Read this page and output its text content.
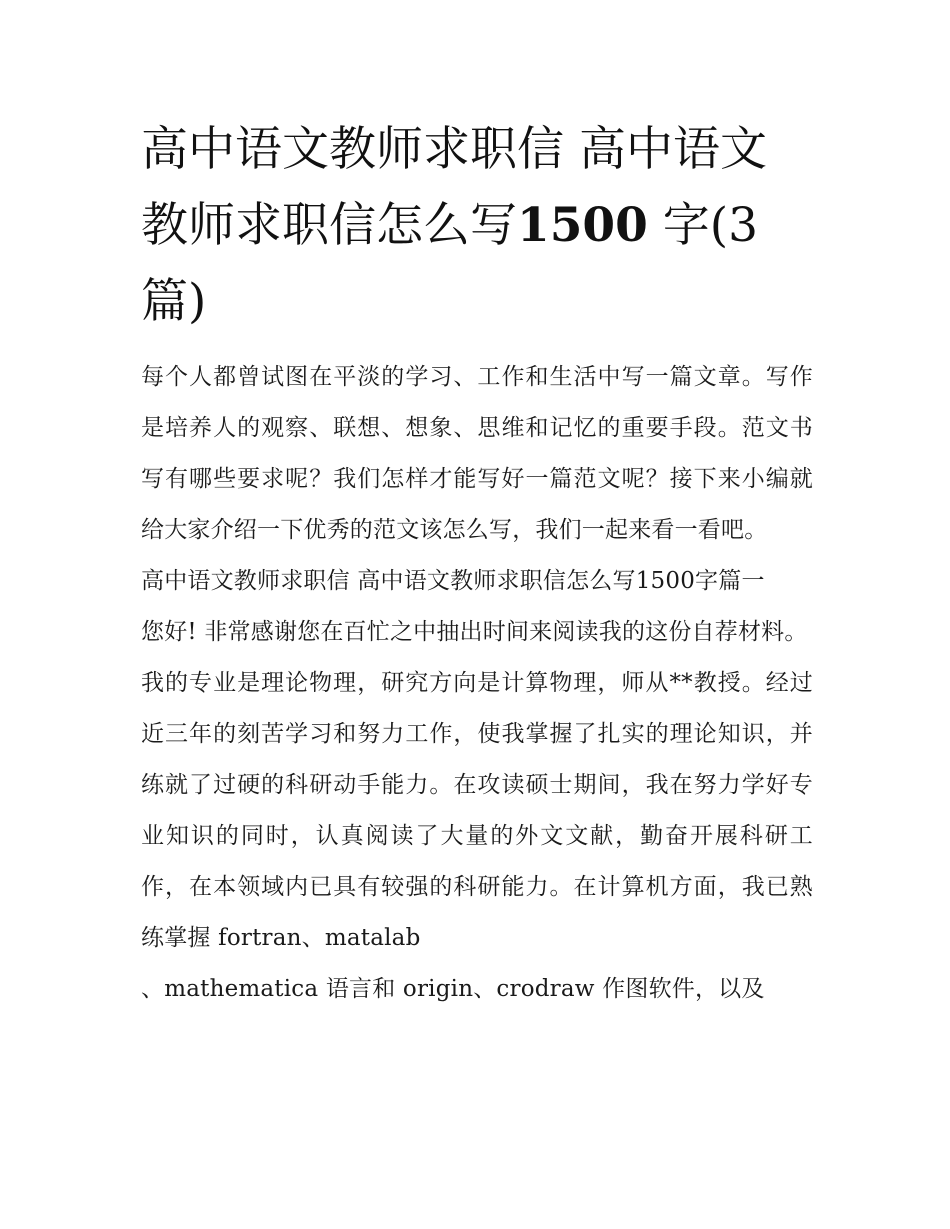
高中语文教师求职信 高中语文教师求职信怎么写1500 字(3篇)

每个人都曾试图在平淡的学习、工作和生活中写一篇文章。写作是培养人的观察、联想、想象、思维和记忆的重要手段。范文书写有哪些要求呢？我们怎样才能写好一篇范文呢？接下来小编就给大家介绍一下优秀的范文该怎么写，我们一起来看一看吧。

高中语文教师求职信 高中语文教师求职信怎么写1500字篇一

您好! 非常感谢您在百忙之中抽出时间来阅读我的这份自荐材料。

我的专业是理论物理，研究方向是计算物理，师从**教授。经过近三年的刻苦学习和努力工作，使我掌握了扎实的理论知识，并练就了过硬的科研动手能力。在攻读硕士期间，我在努力学好专业知识的同时，认真阅读了大量的外文文献，勤奋开展科研工作，在本领域内已具有较强的科研能力。在计算机方面，我已熟练掌握 fortran、matalab

、mathematica 语言和 origin、crodraw 作图软件，以及
